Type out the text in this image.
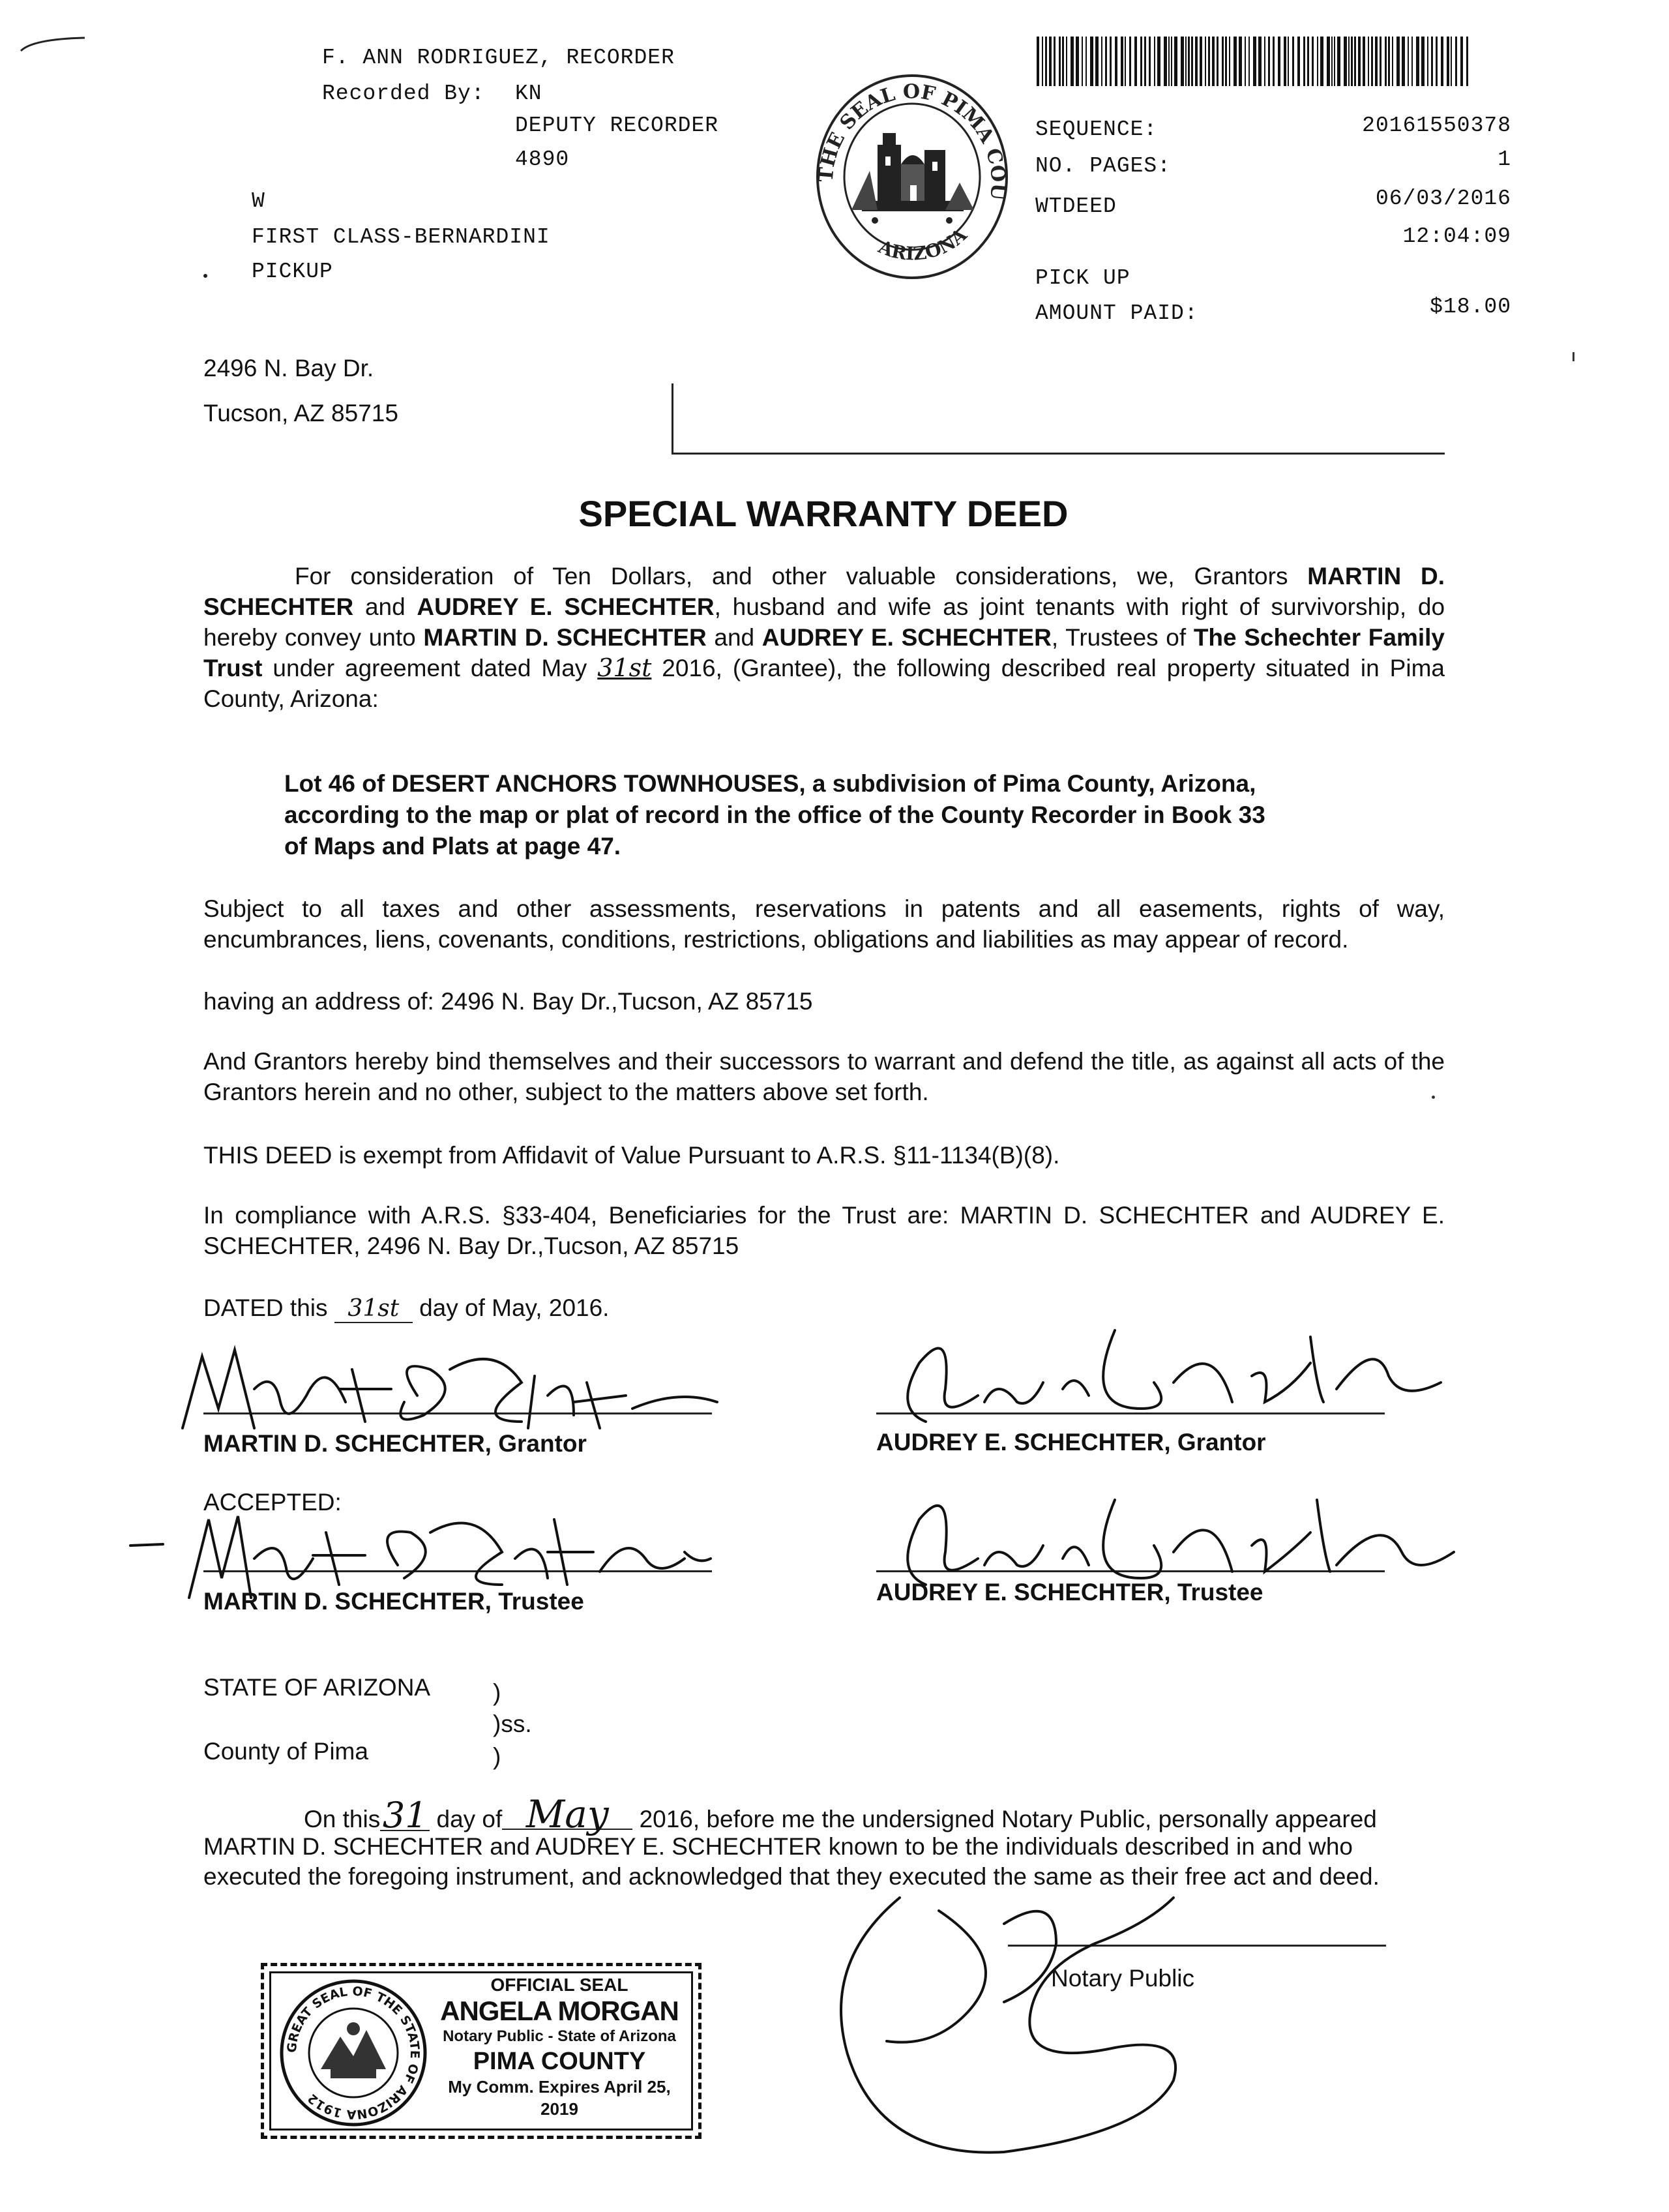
F. ANN RODRIGUEZ, RECORDER
Recorded By: KN
DEPUTY RECORDER
4890
W
FIRST CLASS-BERNARDINI
PICKUP
THE SEAL OF PIMA COU
ARIZONA
SEQUENCE:	20161550378
NO. PAGES:	1
WTDEED	06/03/2016
12:04:09
PICK UP
AMOUNT PAID:	$18.00
2496 N. Bay Dr.
Tucson, AZ 85715
SPECIAL WARRANTY DEED
For consideration of Ten Dollars, and other valuable considerations, we, Grantors MARTIN D. SCHECHTER and AUDREY E. SCHECHTER, husband and wife as joint tenants with right of survivorship, do hereby convey unto MARTIN D. SCHECHTER and AUDREY E. SCHECHTER, Trustees of The Schechter Family Trust under agreement dated May 31st 2016, (Grantee), the following described real property situated in Pima County, Arizona:
Lot 46 of DESERT ANCHORS TOWNHOUSES, a subdivision of Pima County, Arizona,
according to the map or plat of record in the office of the County Recorder in Book 33
of Maps and Plats at page 47.
Subject to all taxes and other assessments, reservations in patents and all easements, rights of way, encumbrances, liens, covenants, conditions, restrictions, obligations and liabilities as may appear of record.
having an address of: 2496 N. Bay Dr.,Tucson, AZ 85715
And Grantors hereby bind themselves and their successors to warrant and defend the title, as against all acts of the Grantors herein and no other, subject to the matters above set forth.
THIS DEED is exempt from Affidavit of Value Pursuant to A.R.S. §11-1134(B)(8).
In compliance with A.R.S. §33-404, Beneficiaries for the Trust are: MARTIN D. SCHECHTER and AUDREY E. SCHECHTER, 2496 N. Bay Dr.,Tucson, AZ 85715
DATED this 31st day of May, 2016.
MARTIN D. SCHECHTER, Grantor	AUDREY E. SCHECHTER, Grantor
ACCEPTED:
MARTIN D. SCHECHTER, Trustee	AUDREY E. SCHECHTER, Trustee
STATE OF ARIZONA	)
)ss.
County of Pima	)
On this31 day of May 2016, before me the undersigned Notary Public, personally appeared
MARTIN D. SCHECHTER and AUDREY E. SCHECHTER known to be the individuals described in and who
executed the foregoing instrument, and acknowledged that they executed the same as their free act and deed.
Notary Public
GREAT SEAL OF THE STATE OF ARIZONA 1912
OFFICIAL SEAL
ANGELA MORGAN
Notary Public - State of Arizona
PIMA COUNTY
My Comm. Expires April 25, 2019
